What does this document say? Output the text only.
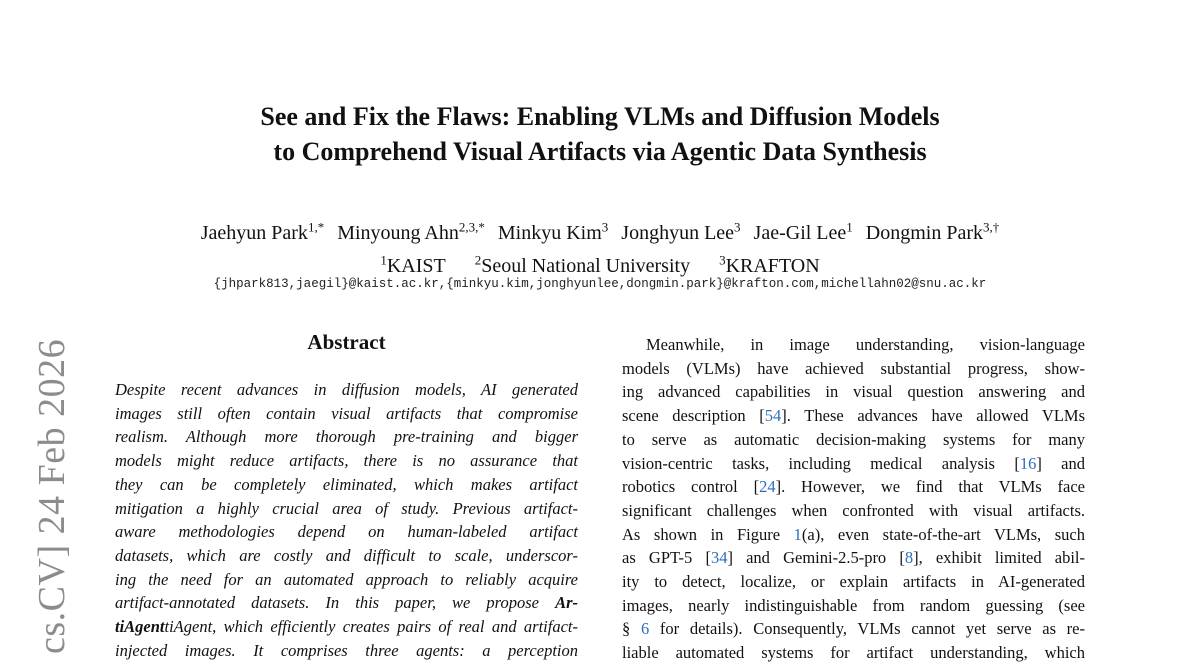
cs.CV] 24 Feb 2026
See and Fix the Flaws: Enabling VLMs and Diffusion Models
to Comprehend Visual Artifacts via Agentic Data Synthesis
Jaehyun Park$^{1,*}$ Minyoung Ahn$^{2,3,*}$ Minkyu Kim$^3$ Jonghyun Lee$^3$ Jae-Gil Lee$^1$ Dongmin Park$^{3,\dagger}$
$^1$KAIST $^2$Seoul National University $^3$KRAFTON
{jhpark813,jaegil}@kaist.ac.kr,{minkyu.kim,jonghyunlee,dongmin.park}@krafton.com,michellahn02@snu.ac.kr
Abstract
Despite recent advances in diffusion models, AI generated
images still often contain visual artifacts that compromise
realism. Although more thorough pre-training and bigger
models might reduce artifacts, there is no assurance that
they can be completely eliminated, which makes artifact
mitigation a highly crucial area of study. Previous artifact-
aware methodologies depend on human-labeled artifact
datasets, which are costly and difficult to scale, underscor-
ing the need for an automated approach to reliably acquire
artifact-annotated datasets. In this paper, we propose Ar-
tiAgenttiAgent, which efficiently creates pairs of real and artifact-
injected images. It comprises three agents: a perception
Meanwhile, in image understanding, vision-language
models (VLMs) have achieved substantial progress, show-
ing advanced capabilities in visual question answering and
scene description [54]. These advances have allowed VLMs
to serve as automatic decision-making systems for many
vision-centric tasks, including medical analysis [16] and
robotics control [24]. However, we find that VLMs face
significant challenges when confronted with visual artifacts.
As shown in Figure 1(a), even state-of-the-art VLMs, such
as GPT-5 [34] and Gemini-2.5-pro [8], exhibit limited abil-
ity to detect, localize, or explain artifacts in AI-generated
images, nearly indistinguishable from random guessing (see
§ 6 for details). Consequently, VLMs cannot yet serve as re-
liable automated systems for artifact understanding, which
